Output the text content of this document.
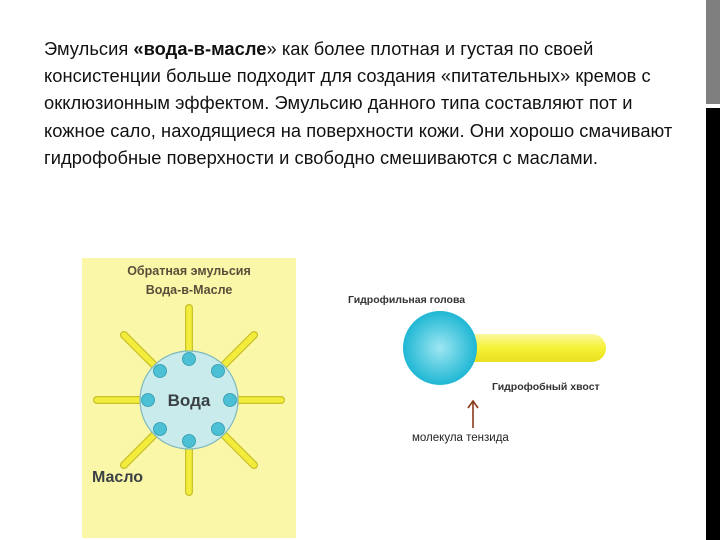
Эмульсия «вода-в-масле» как более плотная и густая по своей консистенции больше подходит для создания «питательных» кремов с окклюзионным эффектом. Эмульсию данного типа составляют пот и кожное сало, находящиеся на поверхности кожи. Они хорошо смачивают гидрофобные поверхности и свободно смешиваются с маслами.
Обратная эмульсия
Вода-в-Масле
Вода
Масло
Гидрофильная голова
Гидрофобный хвост
молекула тензида
